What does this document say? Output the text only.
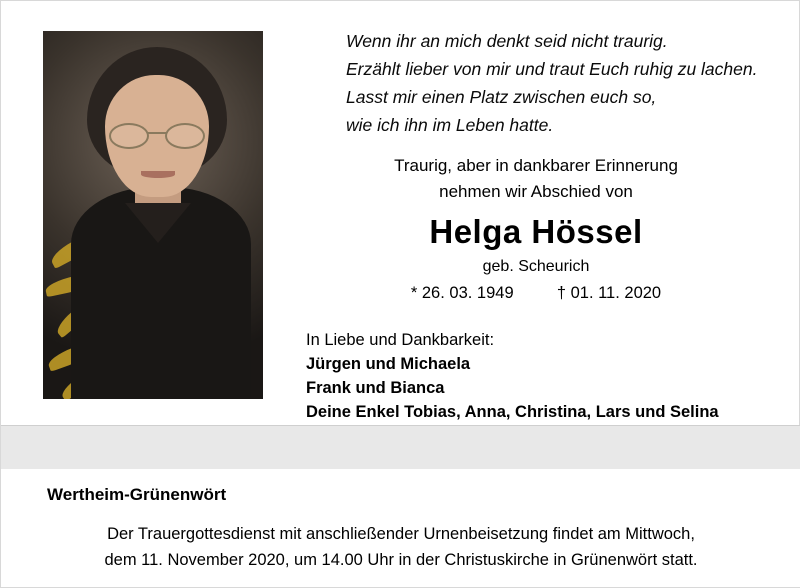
Wenn ihr an mich denkt seid nicht traurig.
Erzählt lieber von mir und traut Euch ruhig zu lachen.
Lasst mir einen Platz zwischen euch so,
wie ich ihn im Leben hatte.
Traurig, aber in dankbarer Erinnerung
nehmen wir Abschied von
Helga Hössel
geb. Scheurich
* 26. 03. 1949	† 01. 11. 2020
In Liebe und Dankbarkeit:
Jürgen und Michaela
Frank und Bianca
Deine Enkel Tobias, Anna, Christina, Lars und Selina
Wertheim-Grünenwört
Der Trauergottesdienst mit anschließender Urnenbeisetzung findet am Mittwoch,
dem 11. November 2020, um 14.00 Uhr in der Christuskirche in Grünenwört statt.
